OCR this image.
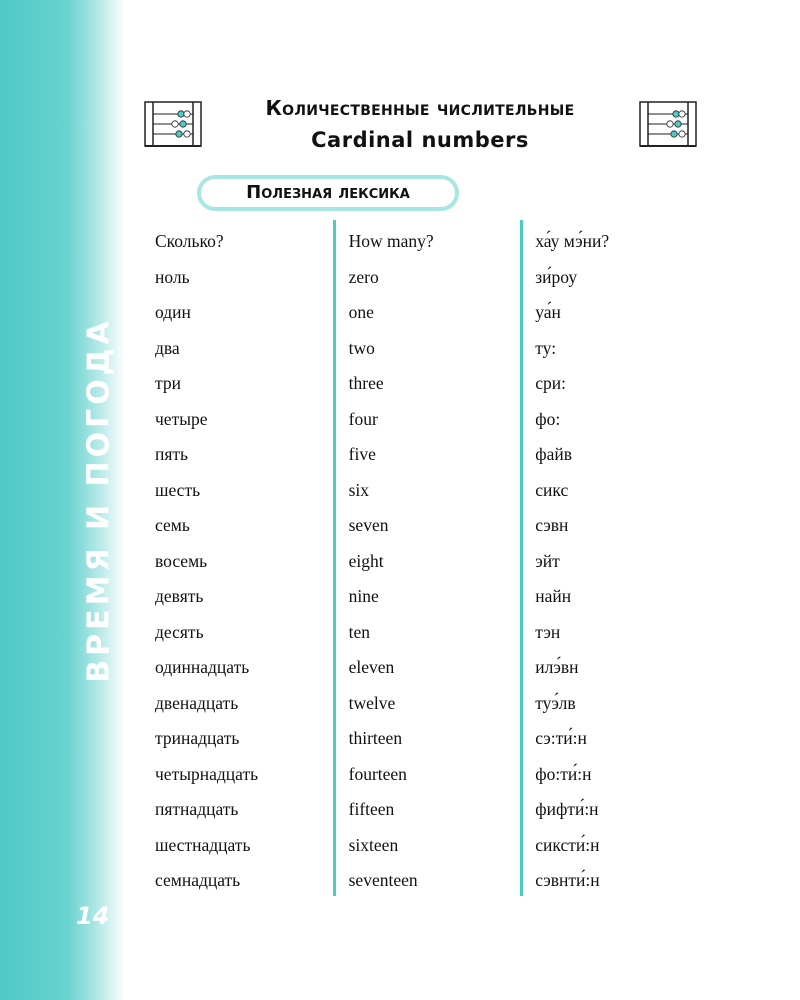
ВРЕМЯ И ПОГОДА
14
Количественные числительные
Cardinal numbers
Полезная лексика
Сколько?	How many?	ха́у мэ́ни?
ноль	zero	зи́роу
один	one	уа́н
два	two	ту:
три	three	сри:
четыре	four	фо:
пять	five	файв
шесть	six	сикс
семь	seven	сэвн
восемь	eight	эйт
девять	nine	найн
десять	ten	тэн
одиннадцать	eleven	илэ́вн
двенадцать	twelve	туэ́лв
тринадцать	thirteen	сэ:ти́:н
четырнадцать	fourteen	фо:ти́:н
пятнадцать	fifteen	фифти́:н
шестнадцать	sixteen	сиксти́:н
семнадцать	seventeen	сэвнти́:н
